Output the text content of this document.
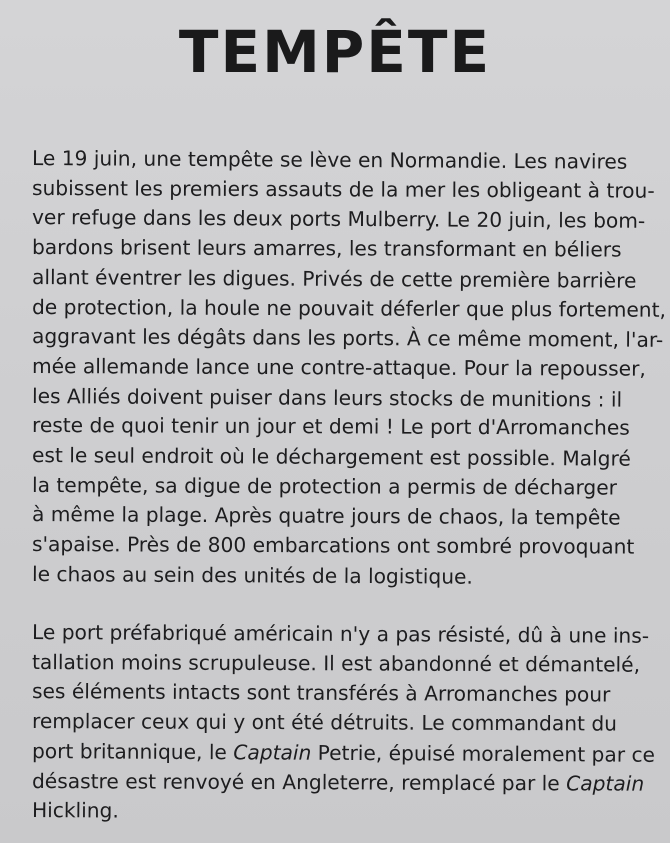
TEMPÊTE

Le 19 juin, une tempête se lève en Normandie. Les navires
subissent les premiers assauts de la mer les obligeant à trou-
ver refuge dans les deux ports Mulberry. Le 20 juin, les bom-
bardons brisent leurs amarres, les transformant en béliers
allant éventrer les digues. Privés de cette première barrière
de protection, la houle ne pouvait déferler que plus fortement,
aggravant les dégâts dans les ports. À ce même moment, l'ar-
mée allemande lance une contre-attaque. Pour la repousser,
les Alliés doivent puiser dans leurs stocks de munitions : il
reste de quoi tenir un jour et demi ! Le port d'Arromanches
est le seul endroit où le déchargement est possible. Malgré
la tempête, sa digue de protection a permis de décharger
à même la plage. Après quatre jours de chaos, la tempête
s'apaise. Près de 800 embarcations ont sombré provoquant
le chaos au sein des unités de la logistique.

Le port préfabriqué américain n'y a pas résisté, dû à une ins-
tallation moins scrupuleuse. Il est abandonné et démantelé,
ses éléments intacts sont transférés à Arromanches pour
remplacer ceux qui y ont été détruits. Le commandant du
port britannique, le Captain Petrie, épuisé moralement par ce
désastre est renvoyé en Angleterre, remplacé par le Captain
Hickling.
